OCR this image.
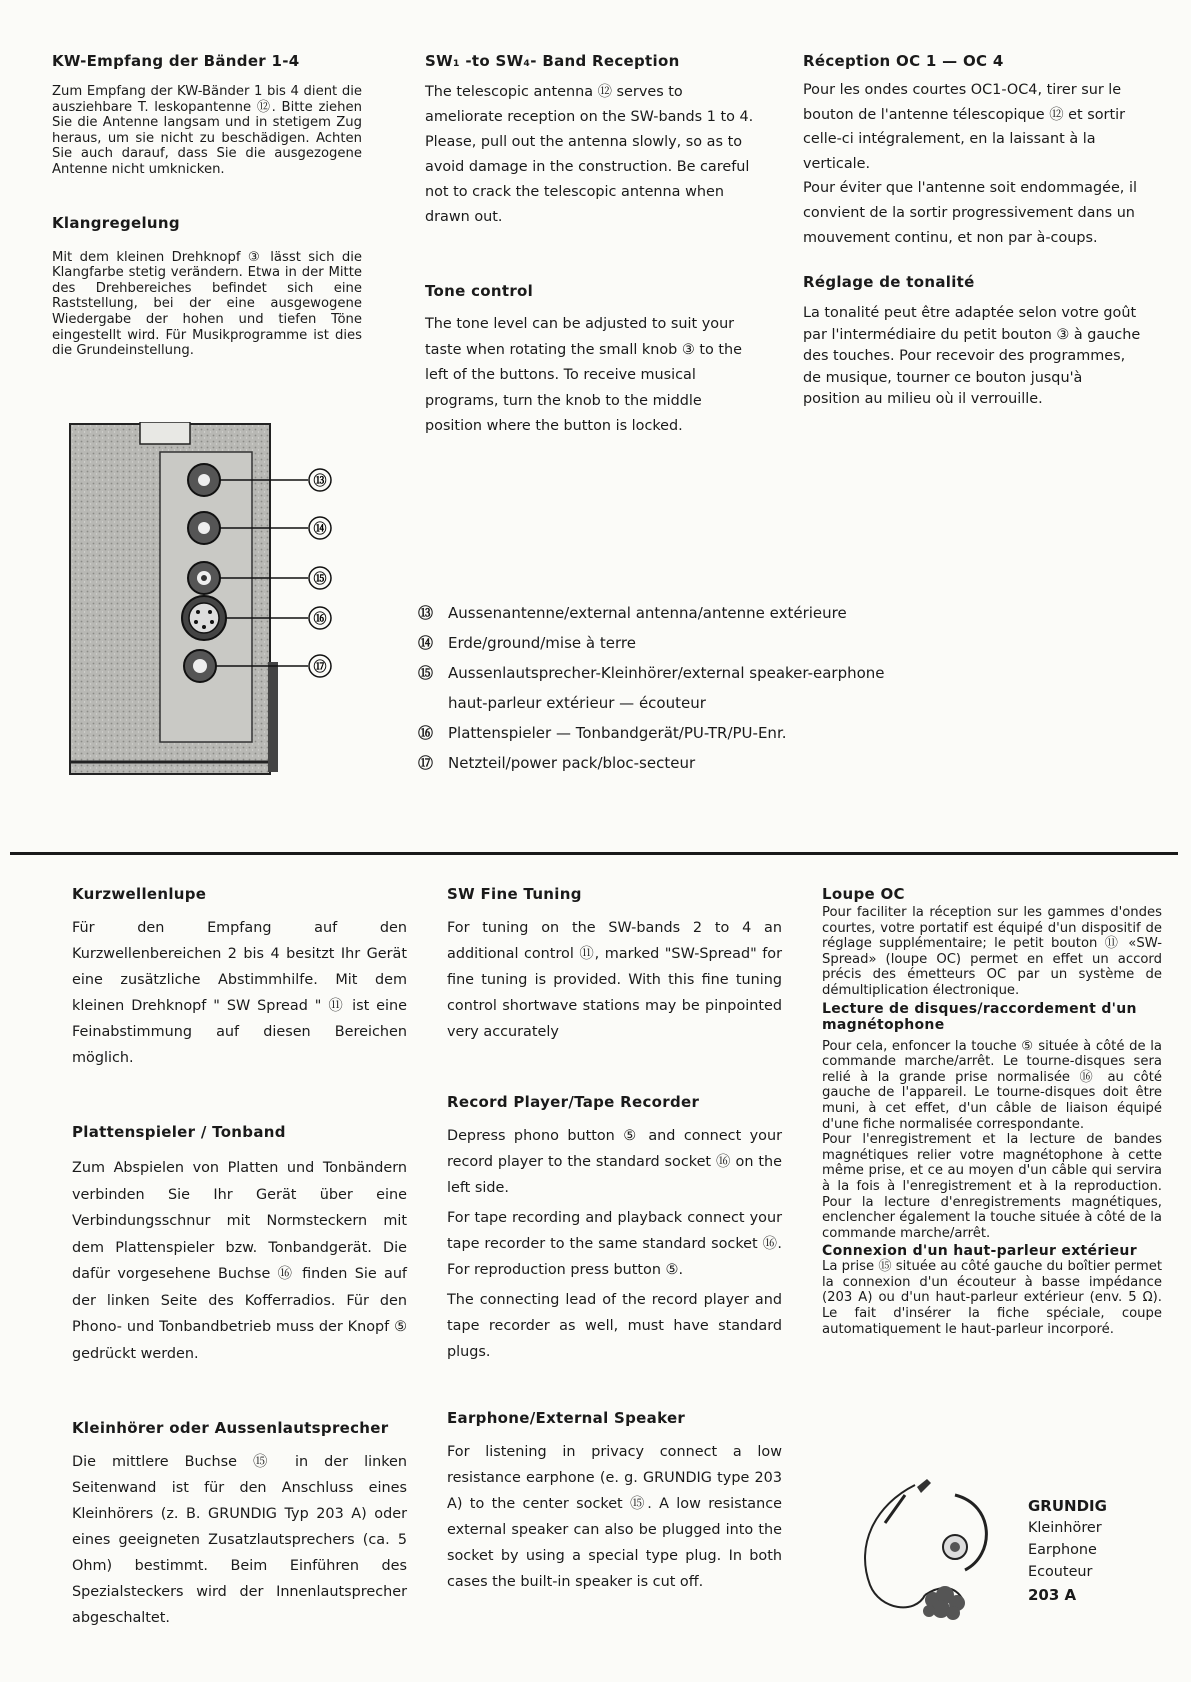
KW-Empfang der Bänder 1-4

Zum Empfang der KW-Bänder 1 bis 4 dient die ausziehbare T. leskopantenne ⑫. Bitte ziehen Sie die Antenne langsam und in stetigem Zug heraus, um sie nicht zu beschädigen. Achten Sie auch darauf, dass Sie die ausgezogene Antenne nicht umknicken.

Klangregelung

Mit dem kleinen Drehknopf ③ lässt sich die Klangfarbe stetig verändern. Etwa in der Mitte des Drehbereiches befindet sich eine Raststellung, bei der eine ausgewogene Wiedergabe der hohen und tiefen Töne eingestellt wird. Für Musikprogramme ist dies die Grundeinstellung.

SW₁ -to SW₄- Band Reception

The telescopic antenna ⑫ serves to ameliorate reception on the SW-bands 1 to 4. Please, pull out the antenna slowly, so as to avoid damage in the construction. Be careful not to crack the telescopic antenna when drawn out.

Tone control

The tone level can be adjusted to suit your taste when rotating the small knob ③ to the left of the buttons. To receive musical programs, turn the knob to the middle position where the button is locked.

Réception OC 1 — OC 4

Pour les ondes courtes OC1-OC4, tirer sur le bouton de l'antenne télescopique ⑫ et sortir celle-ci intégralement, en la laissant à la verticale.

Pour éviter que l'antenne soit endommagée, il convient de la sortir progressivement dans un mouvement continu, et non par à-coups.

Réglage de tonalité

La tonalité peut être adaptée selon votre goût par l'intermédiaire du petit bouton ③ à gauche des touches. Pour recevoir des programmes, de musique, tourner ce bouton jusqu'à position au milieu où il verrouille.

⑬
⑭
⑮
⑯
⑰
⑬ Aussenantenne/external antenna/antenne extérieure
⑭ Erde/ground/mise à terre
⑮ Aussenlautsprecher-Kleinhörer/external speaker-earphone
haut-parleur extérieur — écouteur
⑯ Plattenspieler — Tonbandgerät/PU-TR/PU-Enr.
⑰ Netzteil/power pack/bloc-secteur
Kurzwellenlupe

Für den Empfang auf den Kurzwellenbereichen 2 bis 4 besitzt Ihr Gerät eine zusätzliche Abstimmhilfe. Mit dem kleinen Drehknopf " SW Spread " ⑪ ist eine Feinabstimmung auf diesen Bereichen möglich.

Plattenspieler / Tonband

Zum Abspielen von Platten und Tonbändern verbinden Sie Ihr Gerät über eine Verbindungsschnur mit Normsteckern mit dem Plattenspieler bzw. Tonbandgerät. Die dafür vorgesehene Buchse ⑯ finden Sie auf der linken Seite des Kofferradios. Für den Phono- und Tonbandbetrieb muss der Knopf ⑤ gedrückt werden.

Kleinhörer oder Aussenlautsprecher

Die mittlere Buchse ⑮ in der linken Seitenwand ist für den Anschluss eines Kleinhörers (z. B. GRUNDIG Typ 203 A) oder eines geeigneten Zusatzlautsprechers (ca. 5 Ohm) bestimmt. Beim Einführen des Spezialsteckers wird der Innenlautsprecher abgeschaltet.

SW Fine Tuning

For tuning on the SW-bands 2 to 4 an additional control ⑪, marked "SW-Spread" for fine tuning is provided. With this fine tuning control shortwave stations may be pinpointed very accurately

Record Player/Tape Recorder

Depress phono button ⑤ and connect your record player to the standard socket ⑯ on the left side.

For tape recording and playback connect your tape recorder to the same standard socket ⑯. For reproduction press button ⑤.

The connecting lead of the record player and tape recorder as well, must have standard plugs.

Earphone/External Speaker

For listening in privacy connect a low resistance earphone (e. g. GRUNDIG type 203 A) to the center socket ⑮. A low resistance external speaker can also be plugged into the socket by using a special type plug. In both cases the built-in speaker is cut off.

Loupe OC

Pour faciliter la réception sur les gammes d'ondes courtes, votre portatif est équipé d'un dispositif de réglage supplémentaire; le petit bouton ⑪ «SW-Spread» (loupe OC) permet en effet un accord précis des émetteurs OC par un système de démultiplication électronique.

Lecture de disques/raccordement d'un magnétophone

Pour cela, enfoncer la touche ⑤ située à côté de la commande marche/arrêt. Le tourne-disques sera relié à la grande prise normalisée ⑯ au côté gauche de l'appareil. Le tourne-disques doit être muni, à cet effet, d'un câble de liaison équipé d'une fiche normalisée correspondante.

Pour l'enregistrement et la lecture de bandes magnétiques relier votre magnétophone à cette même prise, et ce au moyen d'un câble qui servira à la fois à l'enregistrement et à la reproduction. Pour la lecture d'enregistrements magnétiques, enclencher également la touche située à côté de la commande marche/arrêt.

Connexion d'un haut-parleur extérieur

La prise ⑮ située au côté gauche du boîtier permet la connexion d'un écouteur à basse impédance (203 A) ou d'un haut-parleur extérieur (env. 5 Ω). Le fait d'insérer la fiche spéciale, coupe automatiquement le haut-parleur incorporé.

GRUNDIG
Kleinhörer
Earphone
Ecouteur
203 A
